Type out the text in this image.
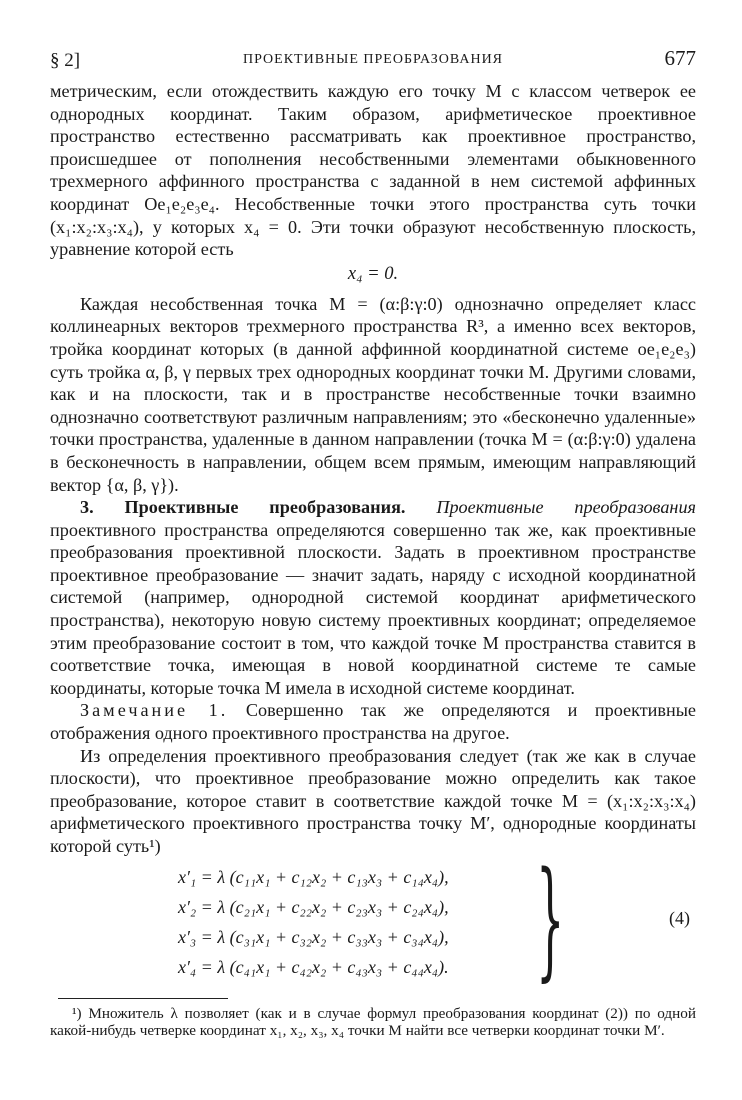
§ 2]	ПРОЕКТИВНЫЕ ПРЕОБРАЗОВАНИЯ	677

метрическим, если отождествить каждую его точку M с классом четверок ее однородных координат. Таким образом, арифметическое проективное пространство естественно рассматривать как проективное пространство, происшедшее от пополнения несобственными элементами обыкновенного трехмерного аффинного пространства с заданной в нем системой аффинных координат Oe₁e₂e₃e₄. Несобственные точки этого пространства суть точки (x₁:x₂:x₃:x₄), у которых x₄ = 0. Эти точки образуют несобственную плоскость, уравнение которой есть

x₄ = 0.

Каждая несобственная точка M = (α:β:γ:0) однозначно определяет класс коллинеарных векторов трехмерного пространства R³, а именно всех векторов, тройка координат которых (в данной аффинной координатной системе oe₁e₂e₃) суть тройка α, β, γ первых трех однородных координат точки M. Другими словами, как и на плоскости, так и в пространстве несобственные точки взаимно однозначно соответствуют различным направлениям; это «бесконечно удаленные» точки пространства, удаленные в данном направлении (точка M = (α:β:γ:0) удалена в бесконечность в направлении, общем всем прямым, имеющим направляющий вектор {α, β, γ}).

3. Проективные преобразования. Проективные преобразования проективного пространства определяются совершенно так же, как проективные преобразования проективной плоскости. Задать в проективном пространстве проективное преобразование — значит задать, наряду с исходной координатной системой (например, однородной системой координат арифметического пространства), некоторую новую систему проективных координат; определяемое этим преобразование состоит в том, что каждой точке M пространства ставится в соответствие точка, имеющая в новой координатной системе те самые координаты, которые точка M имела в исходной системе координат.

Замечание 1. Совершенно так же определяются и проективные отображения одного проективного пространства на другое.

Из определения проективного преобразования следует (так же как в случае плоскости), что проективное преобразование можно определить как такое преобразование, которое ставит в соответствие каждой точке M = (x₁:x₂:x₃:x₄) арифметического проективного пространства точку M′, однородные координаты которой суть¹)

x′₁ = λ (c₁₁x₁ + c₁₂x₂ + c₁₃x₃ + c₁₄x₄),
x′₂ = λ (c₂₁x₁ + c₂₂x₂ + c₂₃x₃ + c₂₄x₄),
x′₃ = λ (c₃₁x₁ + c₃₂x₂ + c₃₃x₃ + c₃₄x₄),
x′₄ = λ (c₄₁x₁ + c₄₂x₂ + c₄₃x₃ + c₄₄x₄). }	(4)

¹) Множитель λ позволяет (как и в случае формул преобразования координат (2)) по одной какой-нибудь четверке координат x₁, x₂, x₃, x₄ точки M найти все четверки координат точки M′.
